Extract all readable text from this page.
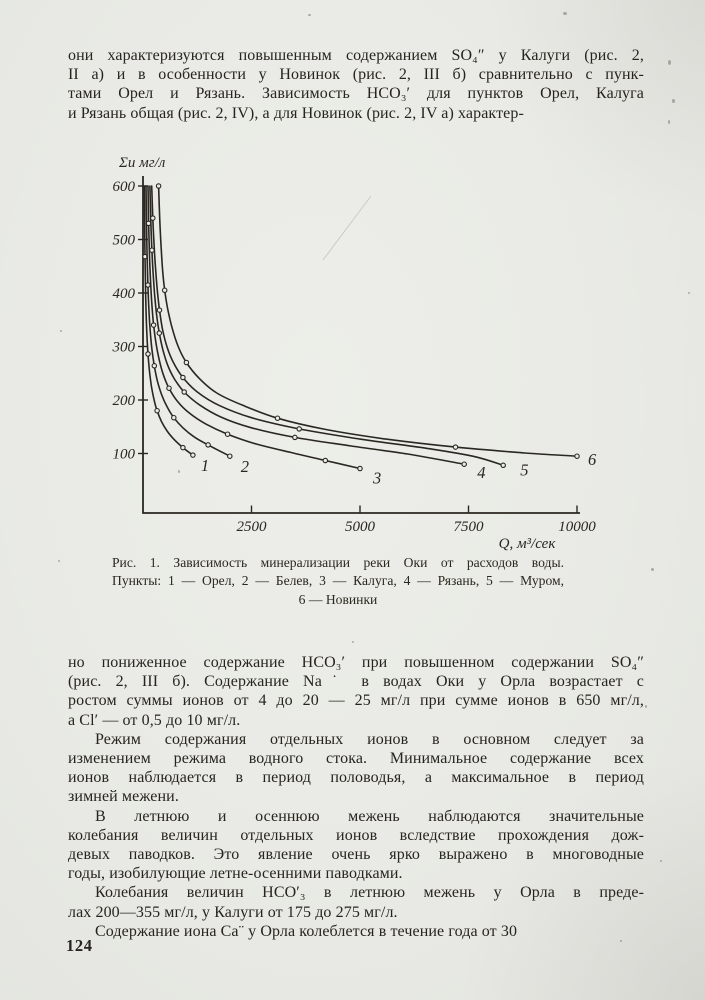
они характеризуются повышенным содержанием SO₄″ у Калуги (рис. 2,
II а) и в особенности у Новинок (рис. 2, III б) сравнительно с пунк-
тами Орел и Рязань. Зависимость HCO₃′ для пунктов Орел, Калуга
и Рязань общая (рис. 2, IV), а для Новинок (рис. 2, IV а) характер-
2500	5000	7500	10000
100
200
300
400
500
600
Σи мг/л
Q, м³/сек
1 2
3	4 5
6
Рис. 1. Зависимость минерализации реки Оки от расходов воды.
Пункты: 1 — Орел, 2 — Белев, 3 — Калуга, 4 — Рязань, 5 — Муром,
6 — Новинки
но пониженное содержание HCO₃′ при повышенном содержании SO₄″
(рис. 2, III б). Содержание Na˙ в водах Оки у Орла возрастает с
ростом суммы ионов от 4 до 20 — 25 мг/л при сумме ионов в 650 мг/л,
а Cl′ — от 0,5 до 10 мг/л.
Режим содержания отдельных ионов в основном следует за
изменением режима водного стока. Минимальное содержание всех
ионов наблюдается в период половодья, а максимальное в период
зимней межени.
В летнюю и осеннюю межень наблюдаются значительные
колебания величин отдельных ионов вследствие прохождения дож-
девых паводков. Это явление очень ярко выражено в многоводные
годы, изобилующие летне-осенними паводками.
Колебания величин HCO′₃ в летнюю межень у Орла в преде-
лах 200—355 мг/л, у Калуги от 175 до 275 мг/л.
Содержание иона Са¨ у Орла колеблется в течение года от 30
124
